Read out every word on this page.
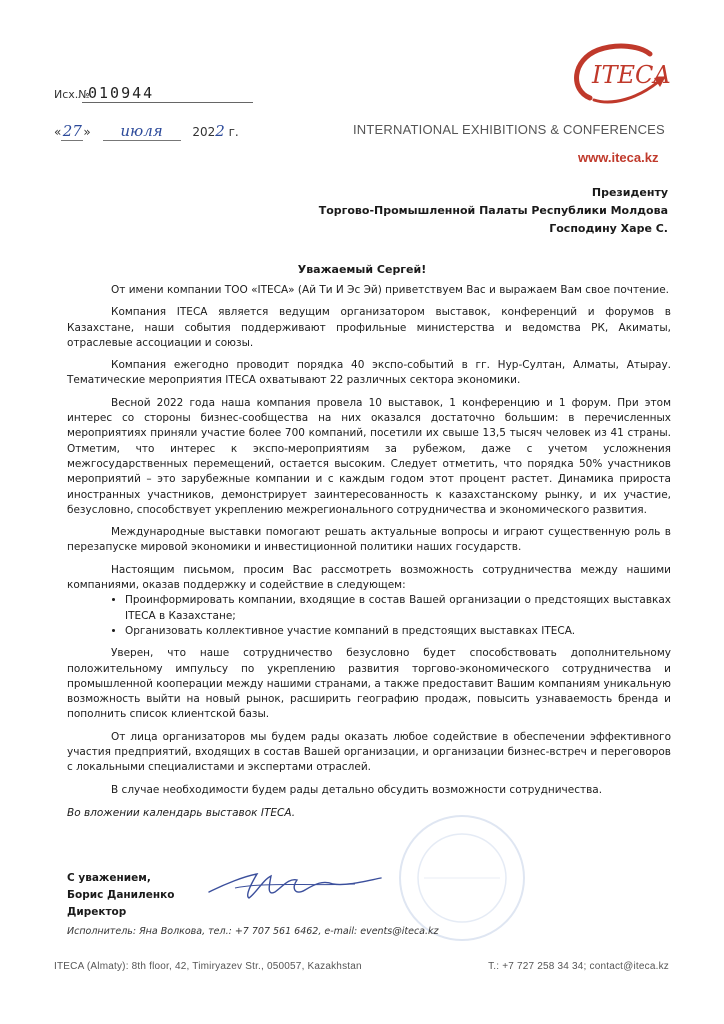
Исх.№
010944
«27» июля 2022 г.
ITECA
INTERNATIONAL EXHIBITIONS & CONFERENCES
www.iteca.kz
Президенту
Торгово-Промышленной Палаты Республики Молдова
Господину Харе С.
Уважаемый Сергей!

От имени компании ТОО «ITECA» (Ай Ти И Эс Эй) приветствуем Вас и выражаем Вам свое почтение.

Компания ITECA является ведущим организатором выставок, конференций и форумов в Казахстане, наши события поддерживают профильные министерства и ведомства РК, Акиматы, отраслевые ассоциации и союзы.

Компания ежегодно проводит порядка 40 экспо-событий в гг. Нур-Султан, Алматы, Атырау. Тематические мероприятия ITECA охватывают 22 различных сектора экономики.

Весной 2022 года наша компания провела 10 выставок, 1 конференцию и 1 форум. При этом интерес со стороны бизнес-сообщества на них оказался достаточно большим: в перечисленных мероприятиях приняли участие более 700 компаний, посетили их свыше 13,5 тысяч человек из 41 страны. Отметим, что интерес к экспо-мероприятиям за рубежом, даже с учетом усложнения межгосударственных перемещений, остается высоким. Следует отметить, что порядка 50% участников мероприятий – это зарубежные компании и с каждым годом этот процент растет. Динамика прироста иностранных участников, демонстрирует заинтересованность к казахстанскому рынку, и их участие, безусловно, способствует укреплению межрегионального сотрудничества и экономического развития.

Международные выставки помогают решать актуальные вопросы и играют существенную роль в перезапуске мировой экономики и инвестиционной политики наших государств.

Настоящим письмом, просим Вас рассмотреть возможность сотрудничества между нашими компаниями, оказав поддержку и содействие в следующем:

• Проинформировать компании, входящие в состав Вашей организации о предстоящих выставках ITECA в Казахстане;
• Организовать коллективное участие компаний в предстоящих выставках ITECA.

Уверен, что наше сотрудничество безусловно будет способствовать дополнительному положительному импульсу по укреплению развития торгово-экономического сотрудничества и промышленной кооперации между нашими странами, а также предоставит Вашим компаниям уникальную возможность выйти на новый рынок, расширить географию продаж, повысить узнаваемость бренда и пополнить список клиентской базы.

От лица организаторов мы будем рады оказать любое содействие в обеспечении эффективного участия предприятий, входящих в состав Вашей организации, и организации бизнес-встреч и переговоров с локальными специалистами и экспертами отраслей.

В случае необходимости будем рады детально обсудить возможности сотрудничества.

Во вложении календарь выставок ITECA.

С уважением,
Борис Даниленко
Директор
Исполнитель: Яна Волкова, тел.: +7 707 561 6462, e-mail: events@iteca.kz
ITECA (Almaty): 8th floor, 42, Timiryazev Str., 050057, Kazakhstan	T.: +7 727 258 34 34; contact@iteca.kz
